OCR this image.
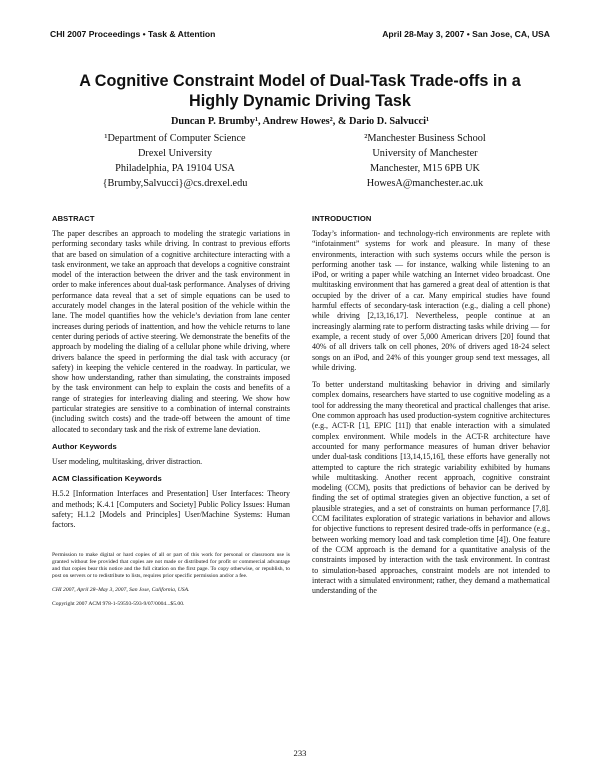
CHI 2007 Proceedings • Task & Attention	April 28-May 3, 2007 • San Jose, CA, USA
A Cognitive Constraint Model of Dual-Task Trade-offs in a
Highly Dynamic Driving Task
Duncan P. Brumby¹, Andrew Howes², & Dario D. Salvucci¹
¹Department of Computer Science
Drexel University
Philadelphia, PA 19104 USA
{Brumby,Salvucci}@cs.drexel.edu
²Manchester Business School
University of Manchester
Manchester, M15 6PB UK
HowesA@manchester.ac.uk
ABSTRACT
The paper describes an approach to modeling the strategic variations in performing secondary tasks while driving. In contrast to previous efforts that are based on simulation of a cognitive architecture interacting with a task environment, we take an approach that develops a cognitive constraint model of the interaction between the driver and the task environment in order to make inferences about dual-task performance. Analyses of driving performance data reveal that a set of simple equations can be used to accurately model changes in the lateral position of the vehicle within the lane. The model quantifies how the vehicle’s deviation from lane center increases during periods of inattention, and how the vehicle returns to lane center during periods of active steering. We demonstrate the benefits of the approach by modeling the dialing of a cellular phone while driving, where drivers balance the speed in performing the dial task with accuracy (or safety) in keeping the vehicle centered in the roadway. In particular, we show how understanding, rather than simulating, the constraints imposed by the task environment can help to explain the costs and benefits of a range of strategies for interleaving dialing and steering. We show how particular strategies are sensitive to a combination of internal constraints (including switch costs) and the trade-off between the amount of time allocated to secondary task and the risk of extreme lane deviation.
Author Keywords
User modeling, multitasking, driver distraction.
ACM Classification Keywords
H.5.2 [Information Interfaces and Presentation] User Interfaces: Theory and methods; K.4.1 [Computers and Society] Public Policy Issues: Human safety; H.1.2 [Models and Principles] User/Machine Systems: Human factors.

Permission to make digital or hard copies of all or part of this work for personal or classroom use is granted without fee provided that copies are not made or distributed for profit or commercial advantage and that copies bear this notice and the full citation on the first page. To copy otherwise, or republish, to post on servers or to redistribute to lists, requires prior specific permission and/or a fee.

CHI 2007, April 28–May 3, 2007, San Jose, California, USA.

Copyright 2007 ACM 978-1-59593-593-9/07/0004...$5.00.

INTRODUCTION
Today’s information- and technology-rich environments are replete with “infotainment” systems for work and pleasure. In many of these environments, interaction with such systems occurs while the person is performing another task — for instance, walking while listening to an iPod, or writing a paper while watching an Internet video broadcast. One multitasking environment that has garnered a great deal of attention is that occupied by the driver of a car. Many empirical studies have found harmful effects of secondary-task interaction (e.g., dialing a cell phone) while driving [2,13,16,17]. Nevertheless, people continue at an increasingly alarming rate to perform distracting tasks while driving — for example, a recent study of over 5,000 American drivers [20] found that 40% of all drivers talk on cell phones, 20% of drivers aged 18-24 select songs on an iPod, and 24% of this younger group send text messages, all while driving.
To better understand multitasking behavior in driving and similarly complex domains, researchers have started to use cognitive modeling as a tool for addressing the many theoretical and practical challenges that arise. One common approach has used production-system cognitive architectures (e.g., ACT-R [1], EPIC [11]) that enable interaction with a simulated complex environment. While models in the ACT-R architecture have accounted for many performance measures of human driver behavior under dual-task conditions [13,14,15,16], these efforts have generally not attempted to capture the rich strategic variability exhibited by humans while multitasking. Another recent approach, cognitive constraint modeling (CCM), posits that predictions of behavior can be derived by finding the set of optimal strategies given an objective function, a set of plausible strategies, and a set of constraints on human performance [7,8]. CCM facilitates exploration of strategic variations in behavior and allows for objective functions to represent desired trade-offs in performance (e.g., between working memory load and task completion time [4]). One feature of the CCM approach is the demand for a quantitative analysis of the constraints imposed by interaction with the task environment. In contrast to simulation-based approaches, constraint models are not intended to interact with a simulated environment; rather, they demand a mathematical understanding of the
233
